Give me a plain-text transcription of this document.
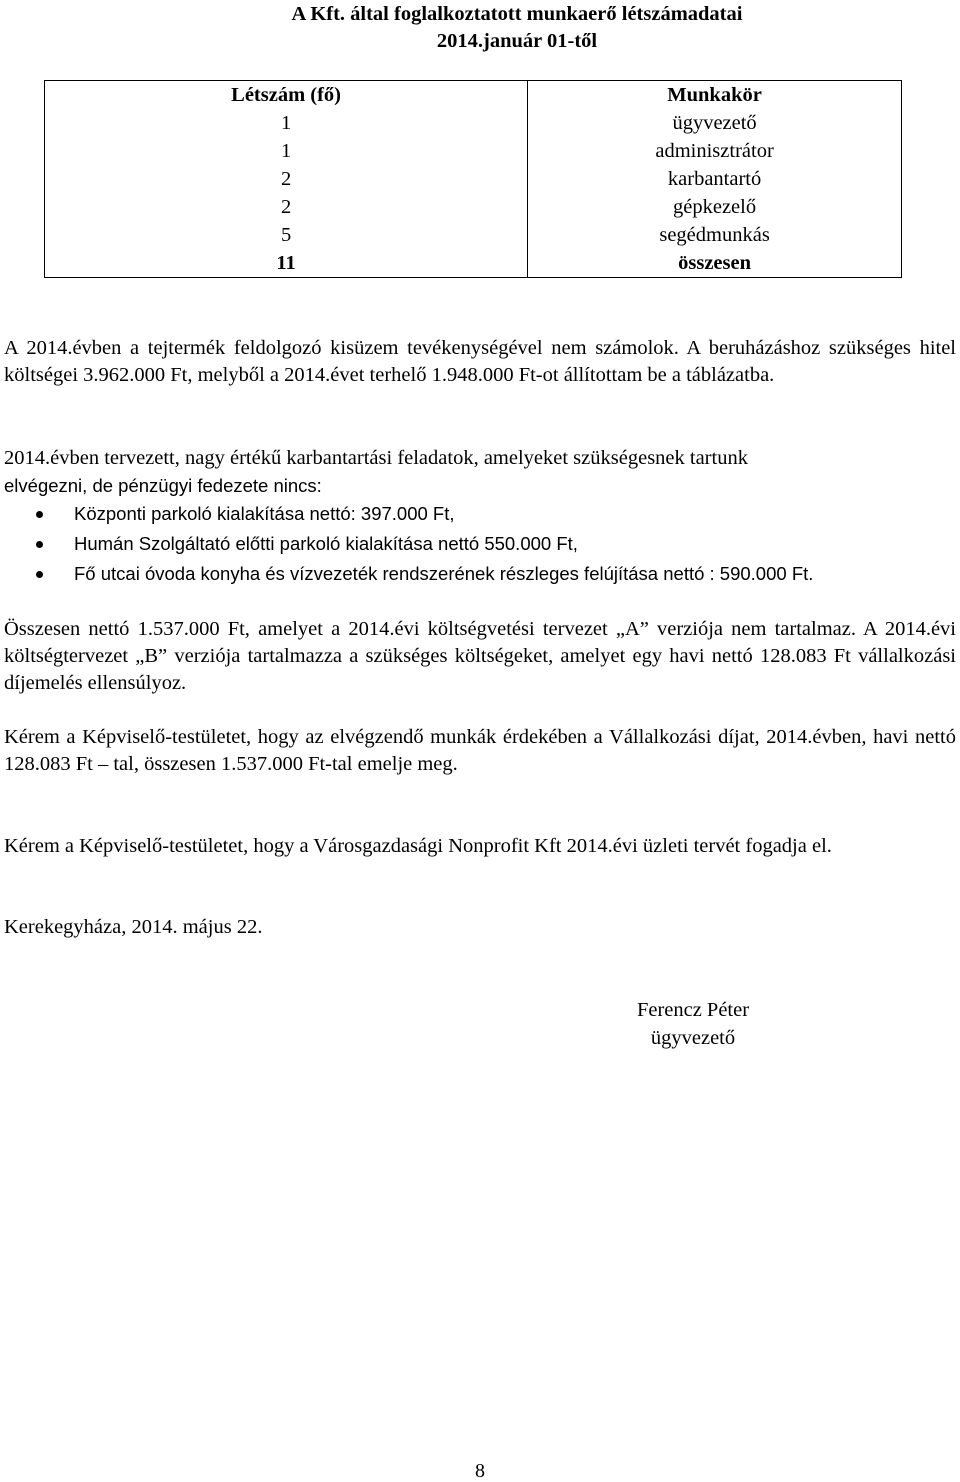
A Kft. által foglalkoztatott munkaerő létszámadatai
2014.január 01-től
Létszám (fő)	Munkakör
1	ügyvezető
1	adminisztrátor
2	karbantartó
2	gépkezelő
5	segédmunkás
11	összesen
A 2014.évben a tejtermék feldolgozó kisüzem tevékenységével nem számolok. A beruházáshoz szükséges hitel költségei 3.962.000 Ft, melyből a 2014.évet terhelő 1.948.000 Ft-ot állítottam be a táblázatba.
2014.évben tervezett, nagy értékű karbantartási feladatok, amelyeket szükségesnek tartunk
elvégezni, de pénzügyi fedezete nincs:
Központi parkoló kialakítása nettó: 397.000 Ft,
Humán Szolgáltató előtti parkoló kialakítása nettó 550.000 Ft,
Fő utcai óvoda konyha és vízvezeték rendszerének részleges felújítása nettó : 590.000 Ft.
Összesen nettó 1.537.000 Ft, amelyet a 2014.évi költségvetési tervezet „A” verziója nem tartalmaz. A 2014.évi költségtervezet „B” verziója tartalmazza a szükséges költségeket, amelyet egy havi nettó 128.083 Ft vállalkozási díjemelés ellensúlyoz.
Kérem a Képviselő-testületet, hogy az elvégzendő munkák érdekében a Vállalkozási díjat, 2014.évben, havi nettó 128.083 Ft – tal, összesen 1.537.000 Ft-tal emelje meg.
Kérem a Képviselő-testületet, hogy a Városgazdasági Nonprofit Kft 2014.évi üzleti tervét fogadja el.
Kerekegyháza, 2014. május 22.
Ferencz Péter
ügyvezető
8
